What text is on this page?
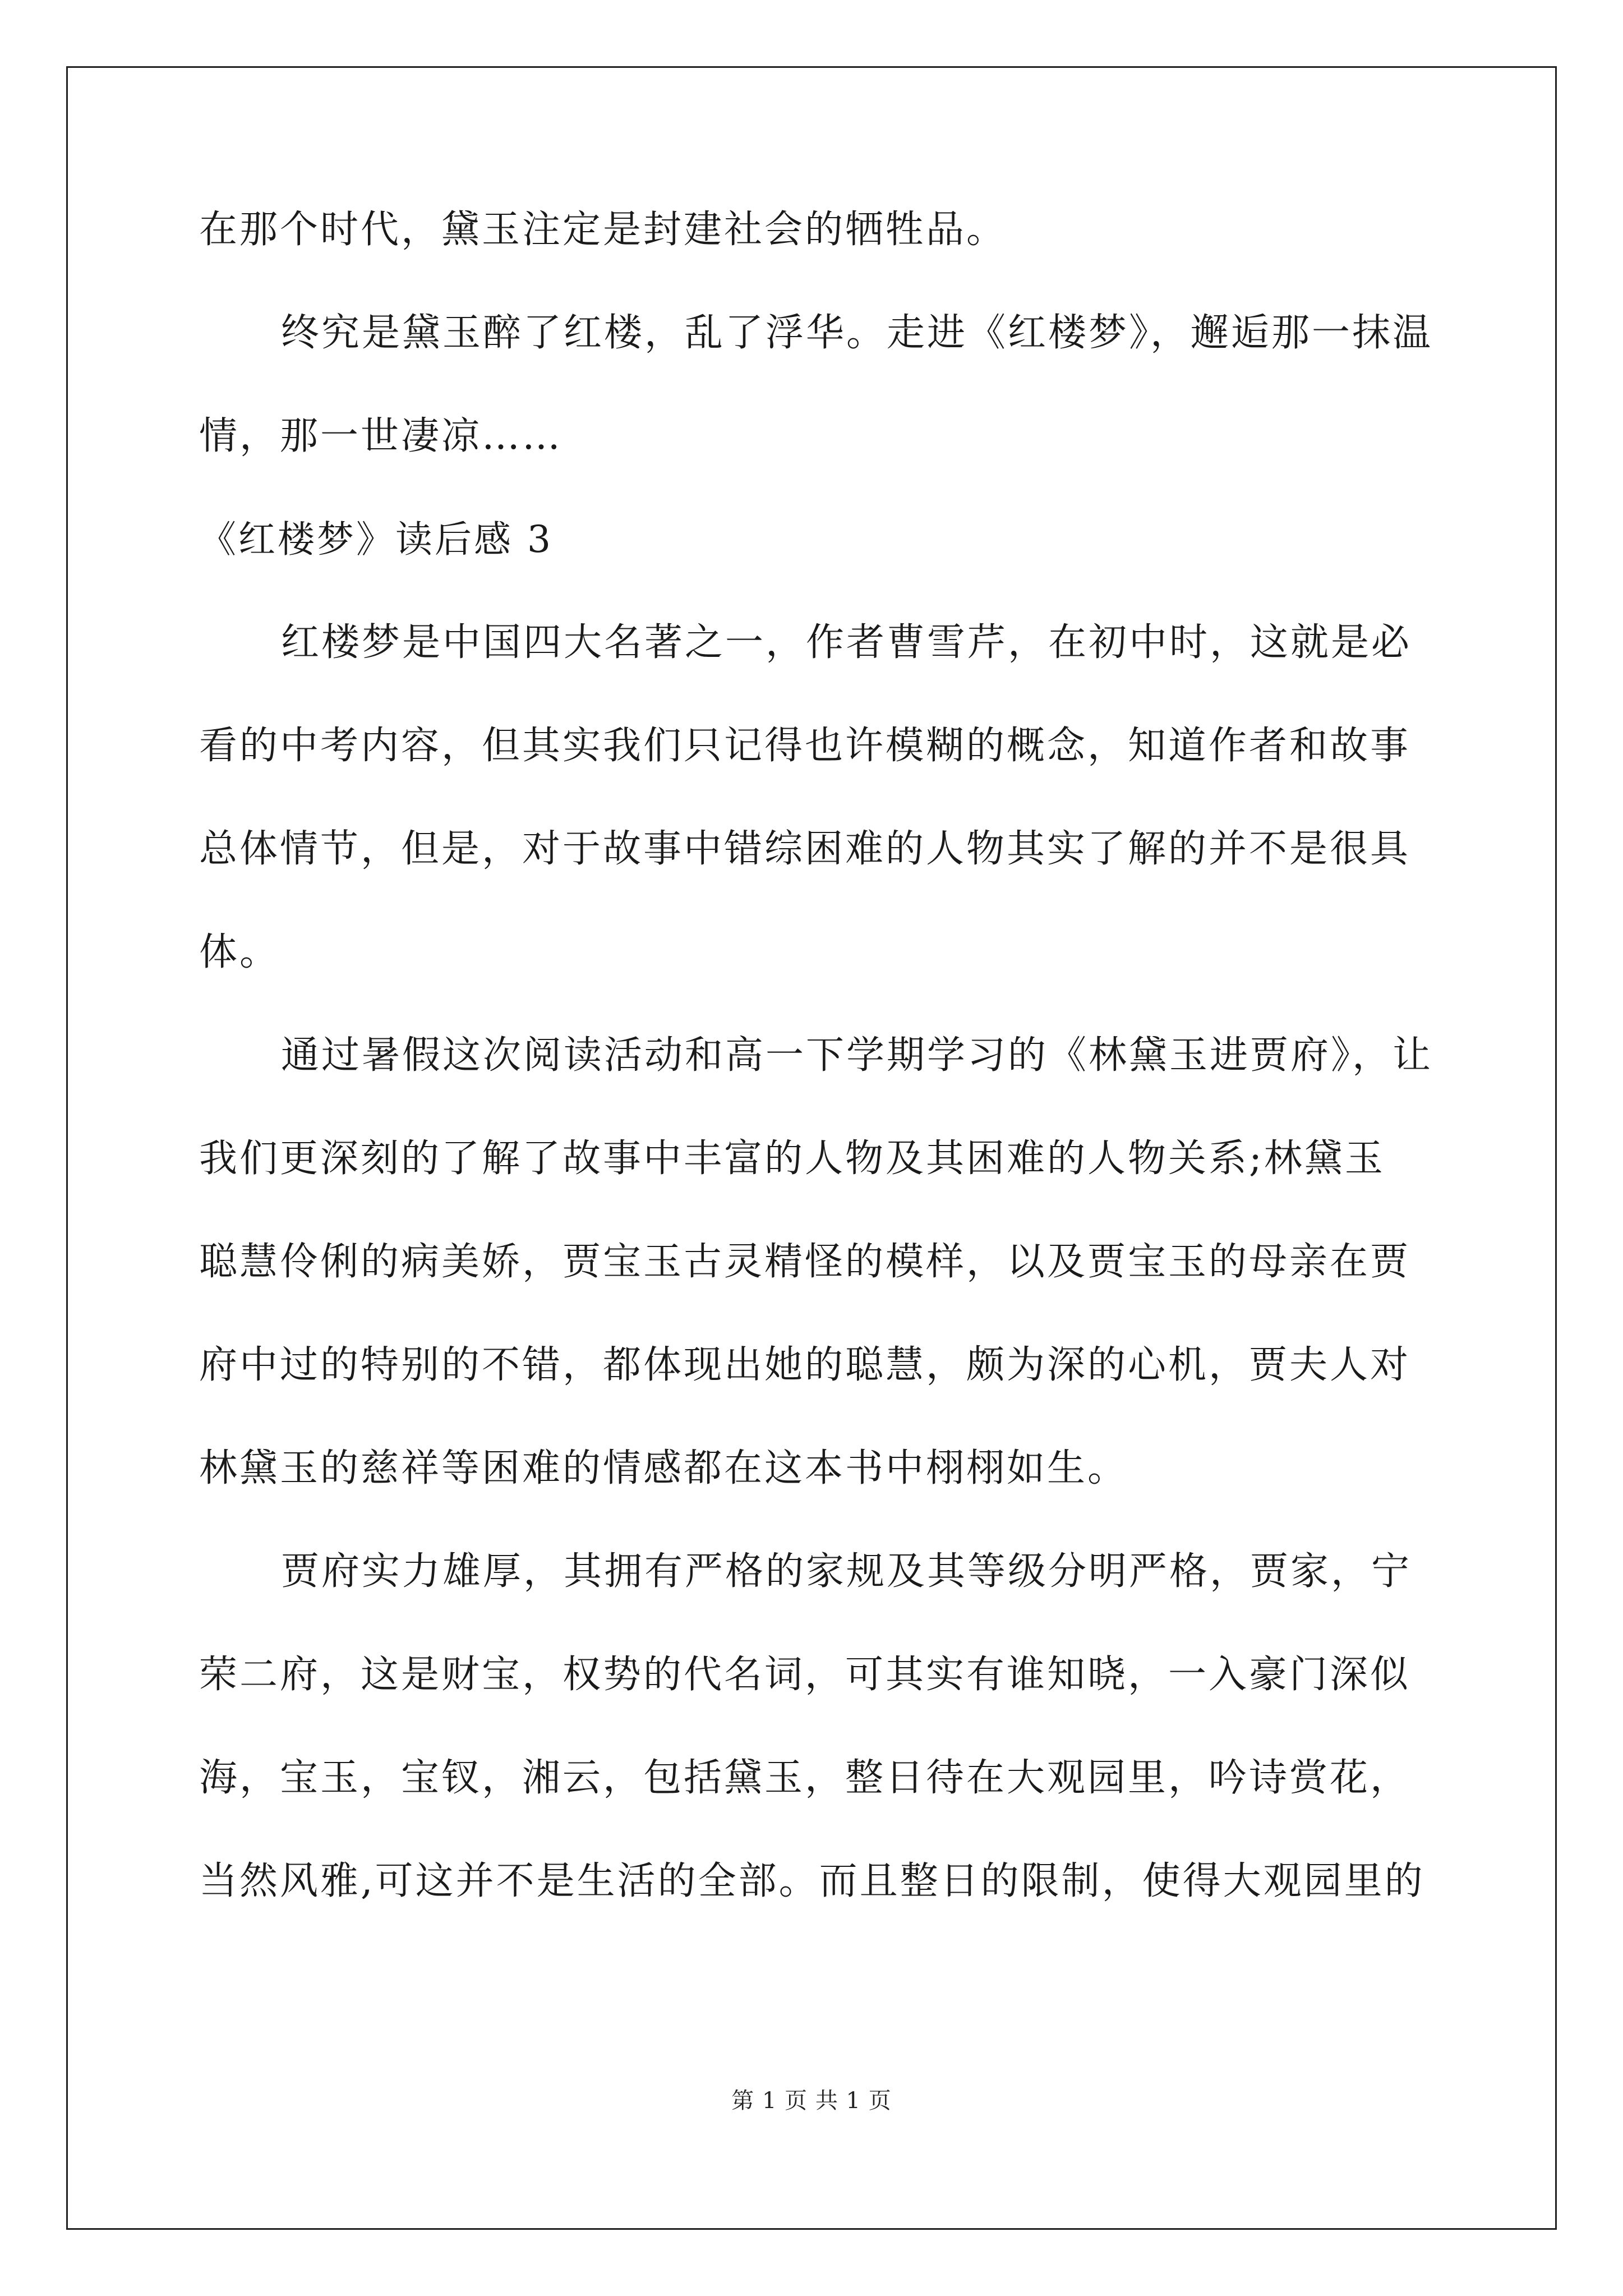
在那个时代，黛玉注定是封建社会的牺牲品。
终究是黛玉醉了红楼，乱了浮华。走进《红楼梦》，邂逅那一抹温
情，那一世凄凉……
《红楼梦》读后感 3
红楼梦是中国四大名著之一，作者曹雪芹，在初中时，这就是必
看的中考内容，但其实我们只记得也许模糊的概念，知道作者和故事
总体情节，但是，对于故事中错综困难的人物其实了解的并不是很具
体。
通过暑假这次阅读活动和高一下学期学习的《林黛玉进贾府》，让
我们更深刻的了解了故事中丰富的人物及其困难的人物关系;林黛玉
聪慧伶俐的病美娇，贾宝玉古灵精怪的模样，以及贾宝玉的母亲在贾
府中过的特别的不错，都体现出她的聪慧，颇为深的心机，贾夫人对
林黛玉的慈祥等困难的情感都在这本书中栩栩如生。
贾府实力雄厚，其拥有严格的家规及其等级分明严格，贾家，宁
荣二府，这是财宝，权势的代名词，可其实有谁知晓，一入豪门深似
海，宝玉，宝钗，湘云，包括黛玉，整日待在大观园里，吟诗赏花，
当然风雅,可这并不是生活的全部。而且整日的限制，使得大观园里的
第 1 页 共 1 页
